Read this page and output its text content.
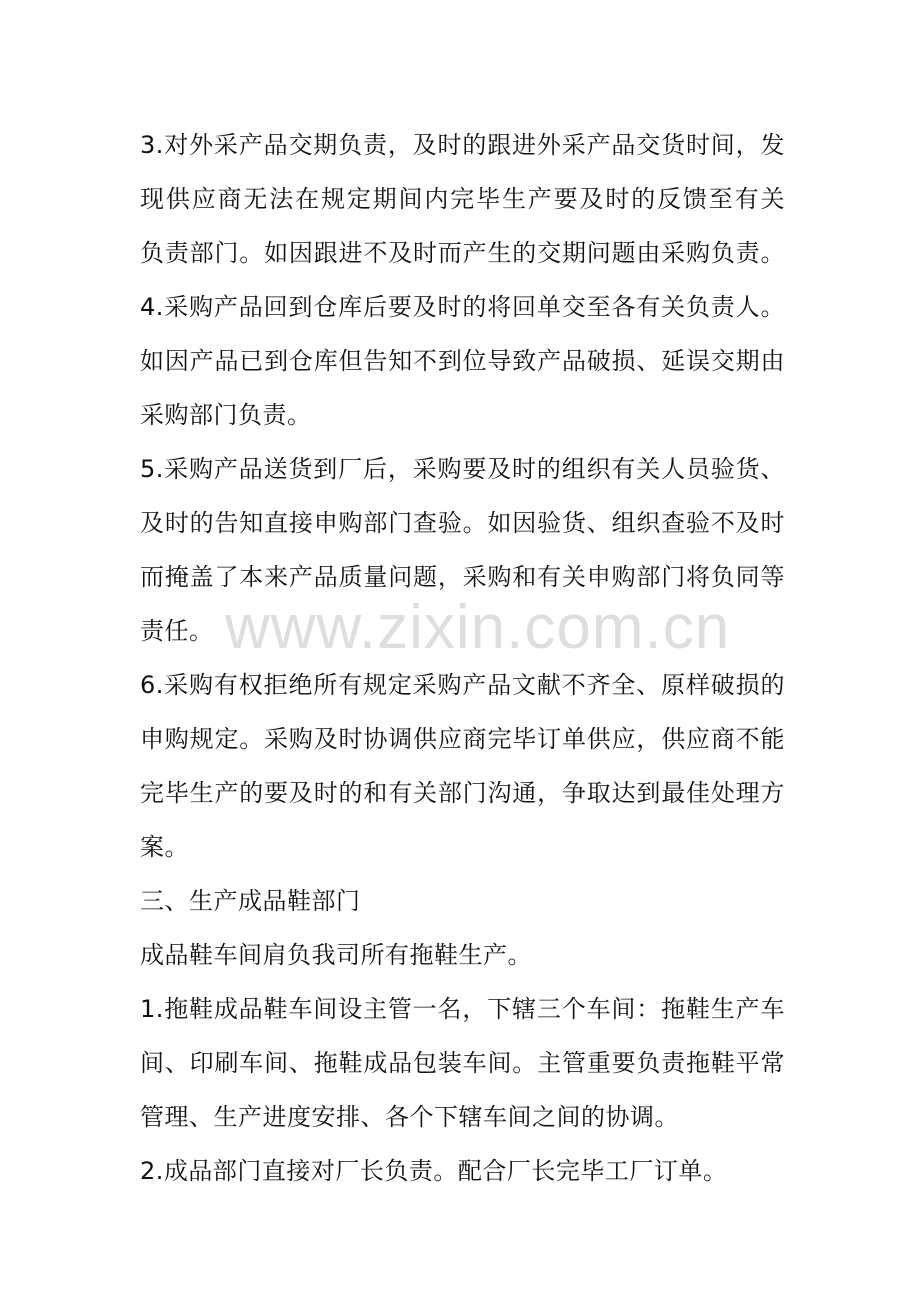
3.对外采产品交期负责，及时的跟进外采产品交货时间，发
现供应商无法在规定期间内完毕生产要及时的反馈至有关
负责部门。如因跟进不及时而产生的交期问题由采购负责。
4.采购产品回到仓库后要及时的将回单交至各有关负责人。
如因产品已到仓库但告知不到位导致产品破损、延误交期由
采购部门负责。
5.采购产品送货到厂后，采购要及时的组织有关人员验货、
及时的告知直接申购部门查验。如因验货、组织查验不及时
而掩盖了本来产品质量问题，采购和有关申购部门将负同等
责任。
6.采购有权拒绝所有规定采购产品文献不齐全、原样破损的
申购规定。采购及时协调供应商完毕订单供应，供应商不能
完毕生产的要及时的和有关部门沟通，争取达到最佳处理方
案。
三、生产成品鞋部门
成品鞋车间肩负我司所有拖鞋生产。
1.拖鞋成品鞋车间设主管一名，下辖三个车间：拖鞋生产车
间、印刷车间、拖鞋成品包装车间。主管重要负责拖鞋平常
管理、生产进度安排、各个下辖车间之间的协调。
2.成品部门直接对厂长负责。配合厂长完毕工厂订单。
www.zixin.com.cn
